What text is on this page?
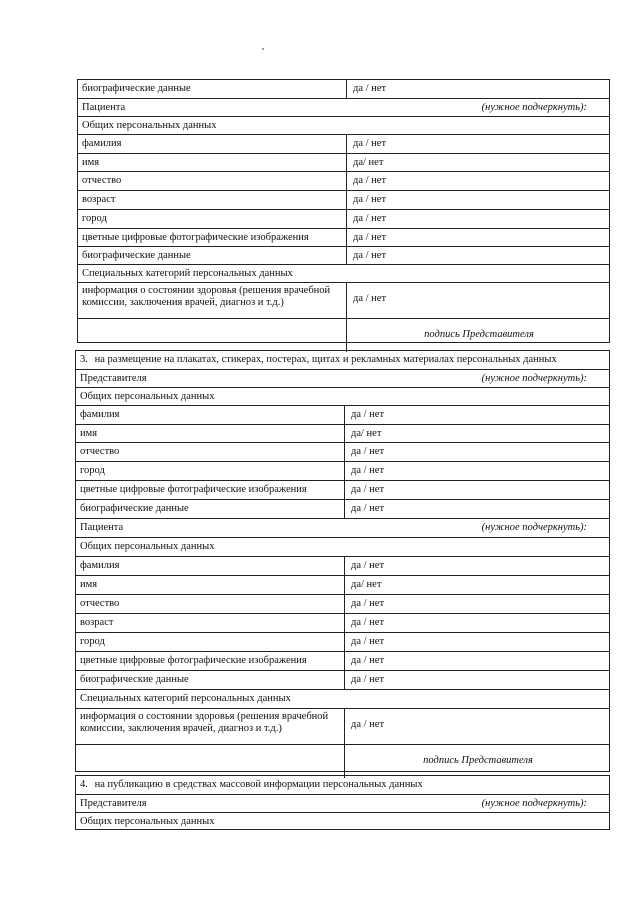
биографические данные	да / нет
Пациента	(нужное подчеркнуть):
Общих персональных данных
фамилия	да / нет
имя	да/ нет
отчество	да / нет
возраст	да / нет
город	да / нет
цветные цифровые фотографические изображения	да / нет
биографические данные	да / нет
Специальных категорий персональных данных
информация о состоянии здоровья (решения врачебной комиссии, заключения врачей, диагноз и т.д.)	да / нет
подпись Представителя
3. на размещение на плакатах, стикерах, постерах, щитах и рекламных материалах персональных данных
Представителя	(нужное подчеркнуть):
Общих персональных данных
фамилия	да / нет
имя	да/ нет
отчество	да / нет
город	да / нет
цветные цифровые фотографические изображения	да / нет
биографические данные	да / нет
Пациента	(нужное подчеркнуть):
Общих персональных данных
фамилия	да / нет
имя	да/ нет
отчество	да / нет
возраст	да / нет
город	да / нет
цветные цифровые фотографические изображения	да / нет
биографические данные	да / нет
Специальных категорий персональных данных
информация о состоянии здоровья (решения врачебной комиссии, заключения врачей, диагноз и т.д.)	да / нет
подпись Представителя
4. на публикацию в средствах массовой информации персональных данных
Представителя	(нужное подчеркнуть):
Общих персональных данных
